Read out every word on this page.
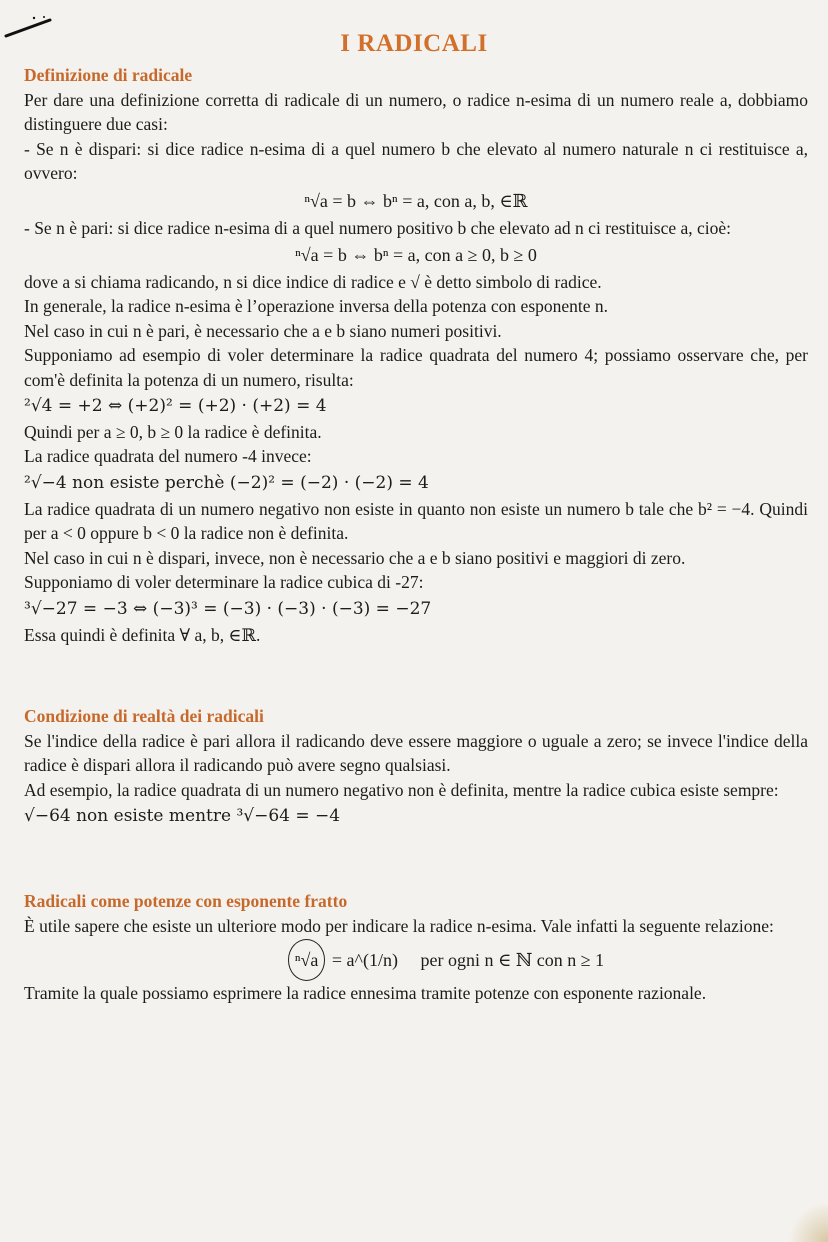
I RADICALI

Definizione di radicale

Per dare una definizione corretta di radicale di un numero, o radice n-esima di un numero reale a, dobbiamo distinguere due casi:

- Se n è dispari: si dice radice n-esima di a quel numero b che elevato al numero naturale n ci restituisce a, ovvero:

ⁿ√a = b ⇔ bⁿ = a, con a, b, ∈ℝ

- Se n è pari: si dice radice n-esima di a quel numero positivo b che elevato ad n ci restituisce a, cioè:

ⁿ√a = b ⇔ bⁿ = a, con a ≥ 0, b ≥ 0

dove a si chiama radicando, n si dice indice di radice e √ è detto simbolo di radice.

In generale, la radice n-esima è l’operazione inversa della potenza con esponente n.

Nel caso in cui n è pari, è necessario che a e b siano numeri positivi.

Supponiamo ad esempio di voler determinare la radice quadrata del numero 4; possiamo osservare che, per com'è definita la potenza di un numero, risulta:

²√4 = +2 ⇔ (+2)² = (+2) · (+2) = 4

Quindi per a ≥ 0, b ≥ 0 la radice è definita.

La radice quadrata del numero -4 invece:

²√−4 non esiste perchè (−2)² = (−2) · (−2) = 4

La radice quadrata di un numero negativo non esiste in quanto non esiste un numero b tale che b² = −4. Quindi per a < 0 oppure b < 0 la radice non è definita.

Nel caso in cui n è dispari, invece, non è necessario che a e b siano positivi e maggiori di zero.

Supponiamo di voler determinare la radice cubica di -27:

³√−27 = −3 ⇔ (−3)³ = (−3) · (−3) · (−3) = −27

Essa quindi è definita ∀ a, b, ∈ℝ.

Condizione di realtà dei radicali

Se l'indice della radice è pari allora il radicando deve essere maggiore o uguale a zero; se invece l'indice della radice è dispari allora il radicando può avere segno qualsiasi.

Ad esempio, la radice quadrata di un numero negativo non è definita, mentre la radice cubica esiste sempre:

√−64 non esiste mentre ³√−64 = −4

Radicali come potenze con esponente fratto

È utile sapere che esiste un ulteriore modo per indicare la radice n-esima. Vale infatti la seguente relazione:

ⁿ√a = a^(1/n) per ogni n ∈ ℕ con n ≥ 1

Tramite la quale possiamo esprimere la radice ennesima tramite potenze con esponente razionale.
